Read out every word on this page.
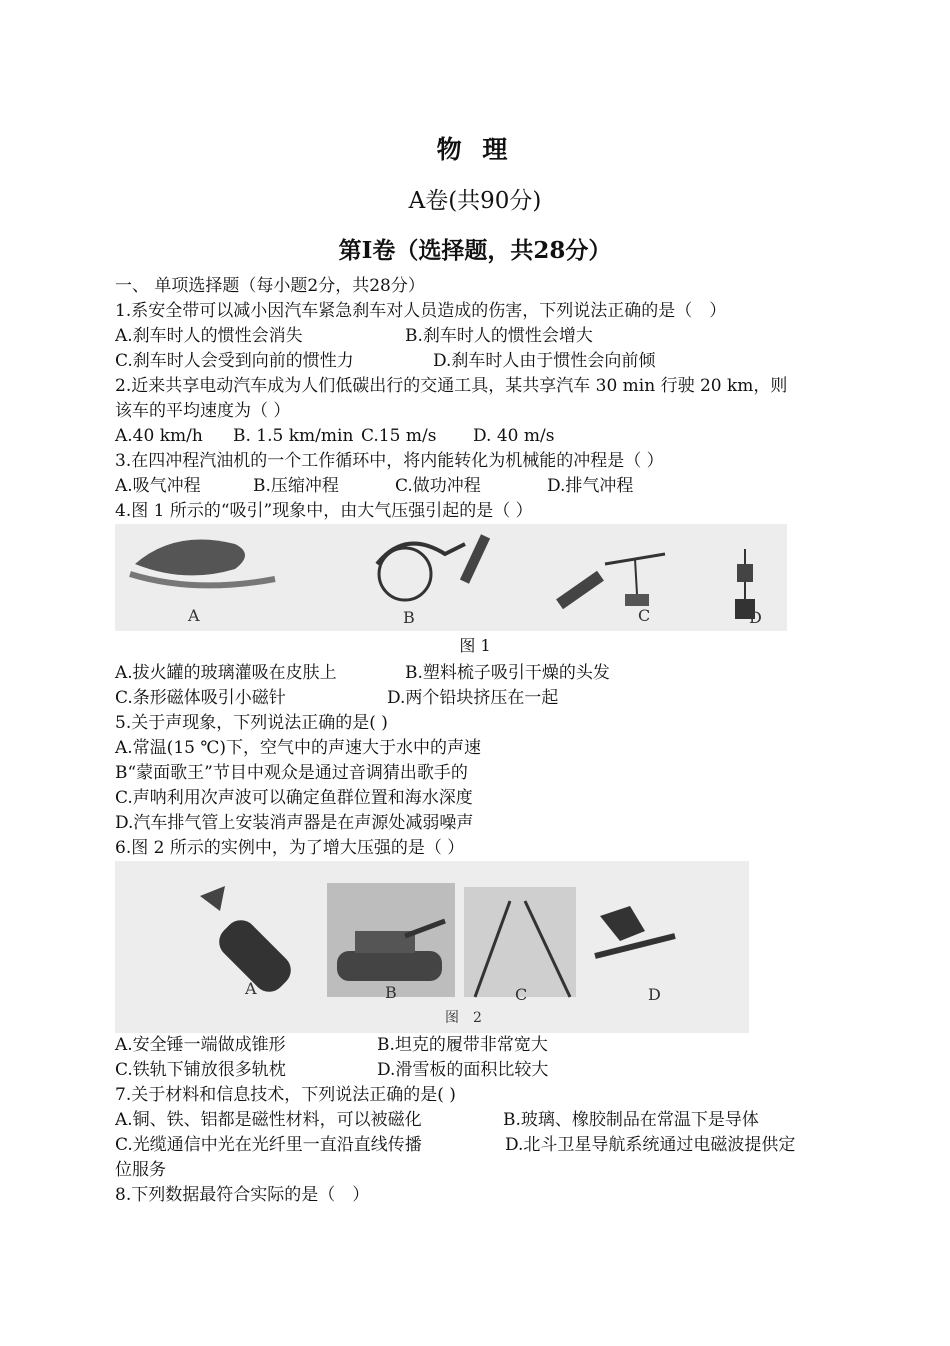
物 理
A卷(共90分)
第Ⅰ卷（选择题，共28分）
一、 单项选择题（每小题2分，共28分）
1.系安全带可以减小因汽车紧急刹车对人员造成的伤害，下列说法正确的是（　）
A.刹车时人的惯性会消失	B.刹车时人的惯性会增大
C.刹车时人会受到向前的惯性力	D.刹车时人由于惯性会向前倾
2.近来共享电动汽车成为人们低碳出行的交通工具，某共享汽车 30 min 行驶 20 km，则
该车的平均速度为（ ）
A.40 km/h	B. 1.5 km/min C.15 m/s	D. 40 m/s
3.在四冲程汽油机的一个工作循环中，将内能转化为机械能的冲程是（ ）
A.吸气冲程	B.压缩冲程	C.做功冲程	D.排气冲程
4.图 1 所示的“吸引”现象中，由大气压强引起的是（ ）
A	B	C	D
图 1
A.拔火罐的玻璃灌吸在皮肤上	B.塑料梳子吸引干燥的头发
C.条形磁体吸引小磁针	D.两个铅块挤压在一起
5.关于声现象，下列说法正确的是( )
A.常温(15 ℃)下，空气中的声速大于水中的声速
B“蒙面歌王”节目中观众是通过音调猜出歌手的
C.声呐利用次声波可以确定鱼群位置和海水深度
D.汽车排气管上安装消声器是在声源处减弱噪声
6.图 2 所示的实例中，为了增大压强的是（ ）
A	B	C	D
图　2
A.安全锤一端做成锥形	B.坦克的履带非常宽大
C.铁轨下铺放很多轨枕	D.滑雪板的面积比较大
7.关于材料和信息技术，下列说法正确的是( )
A.铜、铁、铝都是磁性材料，可以被磁化	B.玻璃、橡胶制品在常温下是导体
C.光缆通信中光在光纤里一直沿直线传播	D.北斗卫星导航系统通过电磁波提供定
位服务
8.下列数据最符合实际的是（　）
